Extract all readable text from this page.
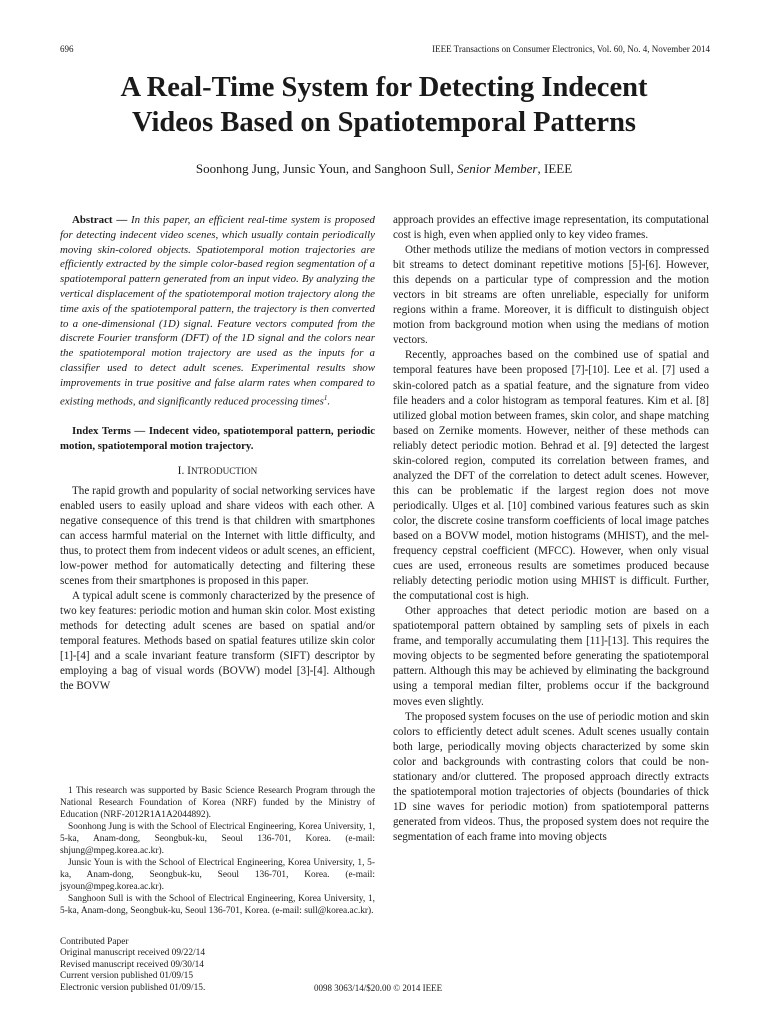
696	IEEE Transactions on Consumer Electronics, Vol. 60, No. 4, November 2014
A Real-Time System for Detecting Indecent
Videos Based on Spatiotemporal Patterns
Soonhong Jung, Junsic Youn, and Sanghoon Sull, Senior Member, IEEE

Abstract — In this paper, an efficient real-time system is proposed for detecting indecent video scenes, which usually contain periodically moving skin-colored objects. Spatiotemporal motion trajectories are efficiently extracted by the simple color-based region segmentation of a spatiotemporal pattern generated from an input video. By analyzing the vertical displacement of the spatiotemporal motion trajectory along the time axis of the spatiotemporal pattern, the trajectory is then converted to a one-dimensional (1D) signal. Feature vectors computed from the discrete Fourier transform (DFT) of the 1D signal and the colors near the spatiotemporal motion trajectory are used as the inputs for a classifier used to detect adult scenes. Experimental results show improvements in true positive and false alarm rates when compared to existing methods, and significantly reduced processing times$^1$.

Index Terms — Indecent video, spatiotemporal pattern, periodic motion, spatiotemporal motion trajectory.

I. INTRODUCTION

The rapid growth and popularity of social networking services have enabled users to easily upload and share videos with each other. A negative consequence of this trend is that children with smartphones can access harmful material on the Internet with little difficulty, and thus, to protect them from indecent videos or adult scenes, an efficient, low-power method for automatically detecting and filtering these scenes from their smartphones is proposed in this paper.

A typical adult scene is commonly characterized by the presence of two key features: periodic motion and human skin color. Most existing methods for detecting adult scenes are based on spatial and/or temporal features. Methods based on spatial features utilize skin color [1]-[4] and a scale invariant feature transform (SIFT) descriptor by employing a bag of visual words (BOVW) model [3]-[4]. Although the BOVW

1 This research was supported by Basic Science Research Program through the National Research Foundation of Korea (NRF) funded by the Ministry of Education (NRF-2012R1A1A2044892).

Soonhong Jung is with the School of Electrical Engineering, Korea University, 1, 5-ka, Anam-dong, Seongbuk-ku, Seoul 136-701, Korea. (e-mail: shjung@mpeg.korea.ac.kr).

Junsic Youn is with the School of Electrical Engineering, Korea University, 1, 5-ka, Anam-dong, Seongbuk-ku, Seoul 136-701, Korea. (e-mail: jsyoun@mpeg.korea.ac.kr).

Sanghoon Sull is with the School of Electrical Engineering, Korea University, 1, 5-ka, Anam-dong, Seongbuk-ku, Seoul 136-701, Korea. (e-mail: sull@korea.ac.kr).

Contributed Paper
Original manuscript received 09/22/14
Revised manuscript received 09/30/14
Current version published 01/09/15
Electronic version published 01/09/15.	0098 3063/14/$20.00 © 2014 IEEE

approach provides an effective image representation, its computational cost is high, even when applied only to key video frames.

Other methods utilize the medians of motion vectors in compressed bit streams to detect dominant repetitive motions [5]-[6]. However, this depends on a particular type of compression and the motion vectors in bit streams are often unreliable, especially for uniform regions within a frame. Moreover, it is difficult to distinguish object motion from background motion when using the medians of motion vectors.

Recently, approaches based on the combined use of spatial and temporal features have been proposed [7]-[10]. Lee et al. [7] used a skin-colored patch as a spatial feature, and the signature from video file headers and a color histogram as temporal features. Kim et al. [8] utilized global motion between frames, skin color, and shape matching based on Zernike moments. However, neither of these methods can reliably detect periodic motion. Behrad et al. [9] detected the largest skin-colored region, computed its correlation between frames, and analyzed the DFT of the correlation to detect adult scenes. However, this can be problematic if the largest region does not move periodically. Ulges et al. [10] combined various features such as skin color, the discrete cosine transform coefficients of local image patches based on a BOVW model, motion histograms (MHIST), and the mel-frequency cepstral coefficient (MFCC). However, when only visual cues are used, erroneous results are sometimes produced because reliably detecting periodic motion using MHIST is difficult. Further, the computational cost is high.

Other approaches that detect periodic motion are based on a spatiotemporal pattern obtained by sampling sets of pixels in each frame, and temporally accumulating them [11]-[13]. This requires the moving objects to be segmented before generating the spatiotemporal pattern. Although this may be achieved by eliminating the background using a temporal median filter, problems occur if the background moves even slightly.

The proposed system focuses on the use of periodic motion and skin colors to efficiently detect adult scenes. Adult scenes usually contain both large, periodically moving objects characterized by some skin color and backgrounds with contrasting colors that could be non-stationary and/or cluttered. The proposed approach directly extracts the spatiotemporal motion trajectories of objects (boundaries of thick 1D sine waves for periodic motion) from spatiotemporal patterns generated from videos. Thus, the proposed system does not require the segmentation of each frame into moving objects
